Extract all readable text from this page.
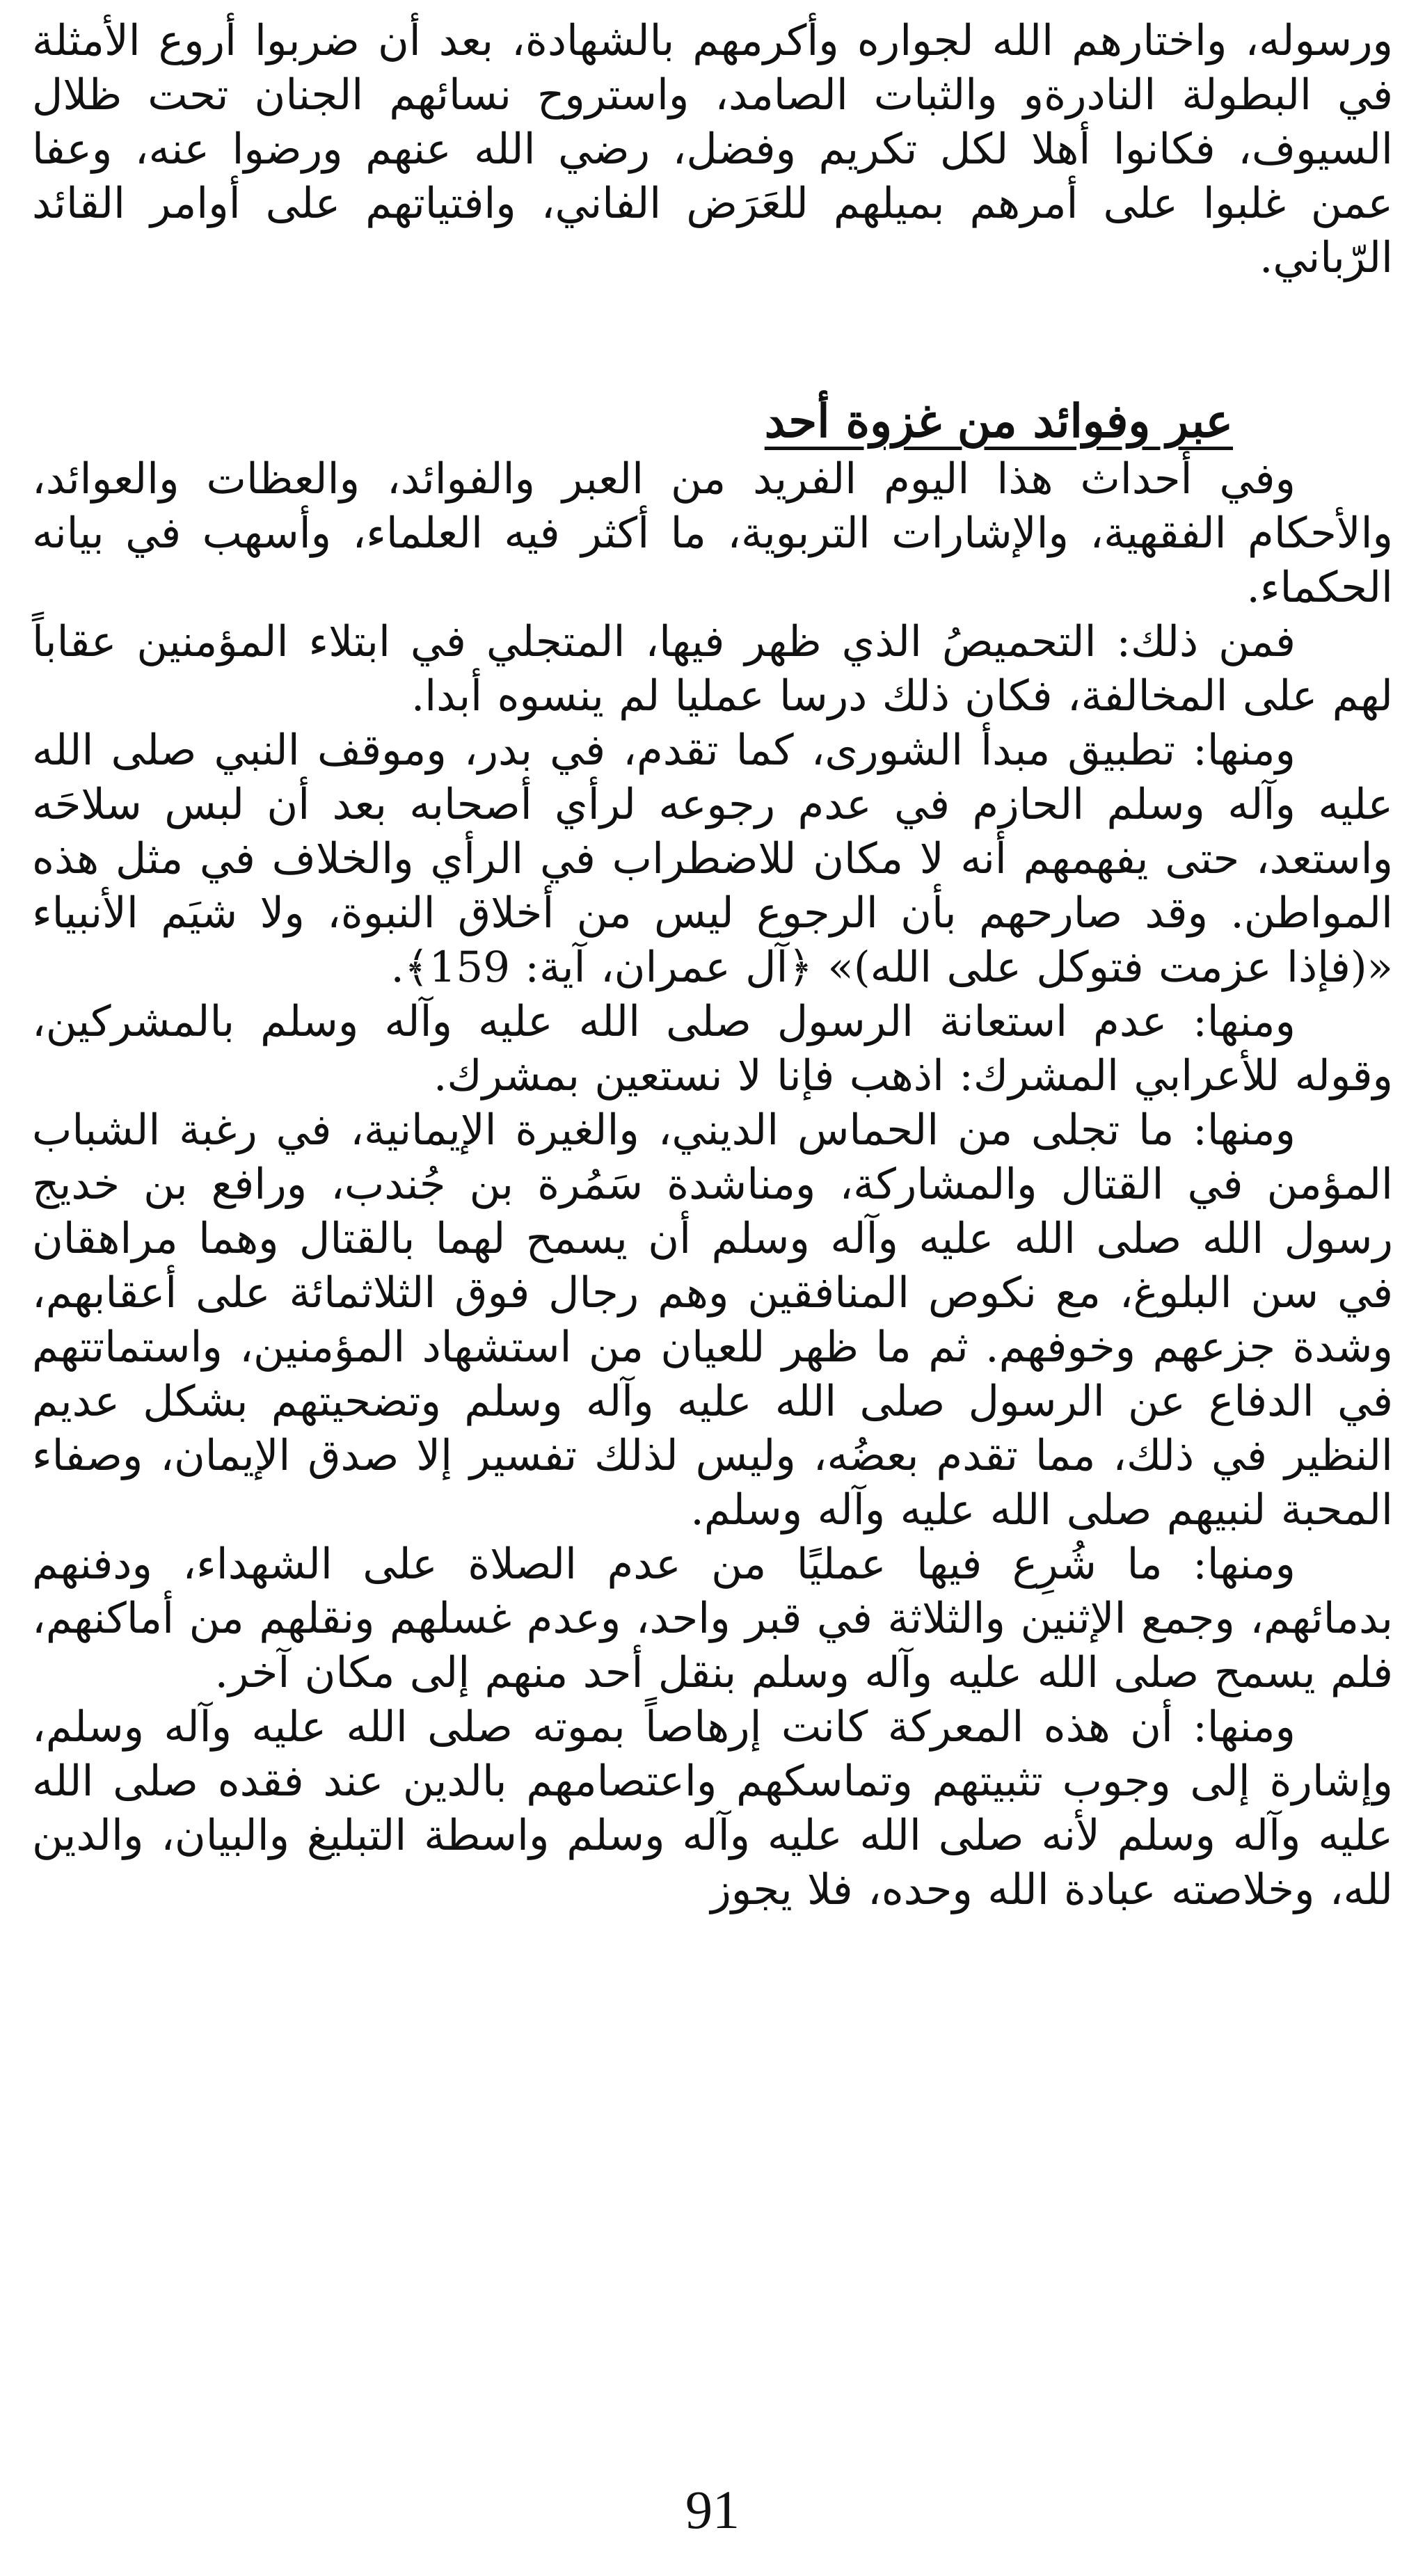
ورسوله، واختارهم الله لجواره وأكرمهم بالشهادة، بعد أن ضربوا أروع الأمثلة في البطولة النادرةو والثبات الصامد، واستروح نسائهم الجنان تحت ظلال السيوف، فكانوا أهلا لكل تكريم وفضل، رضي الله عنهم ورضوا عنه، وعفا عمن غلبوا على أمرهم بميلهم للعَرَض الفاني، وافتياتهم على أوامر القائد الرّباني.

عبر وفوائد من غزوة أحد

وفي أحداث هذا اليوم الفريد من العبر والفوائد، والعظات والعوائد، والأحكام الفقهية، والإشارات التربوية، ما أكثر فيه العلماء، وأسهب في بيانه الحكماء.

فمن ذلك: التحميصُ الذي ظهر فيها، المتجلي في ابتلاء المؤمنين عقاباً لهم على المخالفة، فكان ذلك درسا عمليا لم ينسوه أبدا.

ومنها: تطبيق مبدأ الشورى، كما تقدم، في بدر، وموقف النبي صلى الله عليه وآله وسلم الحازم في عدم رجوعه لرأي أصحابه بعد أن لبس سلاحَه واستعد، حتى يفهمهم أنه لا مكان للاضطراب في الرأي والخلاف في مثل هذه المواطن. وقد صارحهم بأن الرجوع ليس من أخلاق النبوة، ولا شيَم الأنبياء «(فإذا عزمت فتوكل على الله)» ﴿آل عمران، آية: 159﴾.

ومنها: عدم استعانة الرسول صلى الله عليه وآله وسلم بالمشركين، وقوله للأعرابي المشرك: اذهب فإنا لا نستعين بمشرك.

ومنها: ما تجلى من الحماس الديني، والغيرة الإيمانية، في رغبة الشباب المؤمن في القتال والمشاركة، ومناشدة سَمُرة بن جُندب، ورافع بن خديج رسول الله صلى الله عليه وآله وسلم أن يسمح لهما بالقتال وهما مراهقان في سن البلوغ، مع نكوص المنافقين وهم رجال فوق الثلاثمائة على أعقابهم، وشدة جزعهم وخوفهم. ثم ما ظهر للعيان من استشهاد المؤمنين، واستماتتهم في الدفاع عن الرسول صلى الله عليه وآله وسلم وتضحيتهم بشكل عديم النظير في ذلك، مما تقدم بعضُه، وليس لذلك تفسير إلا صدق الإيمان، وصفاء المحبة لنبيهم صلى الله عليه وآله وسلم.

ومنها: ما شُرِع فيها عمليًا من عدم الصلاة على الشهداء، ودفنهم بدمائهم، وجمع الإثنين والثلاثة في قبر واحد، وعدم غسلهم ونقلهم من أماكنهم، فلم يسمح صلى الله عليه وآله وسلم بنقل أحد منهم إلى مكان آخر.

ومنها: أن هذه المعركة كانت إرهاصاً بموته صلى الله عليه وآله وسلم، وإشارة إلى وجوب تثبيتهم وتماسكهم واعتصامهم بالدين عند فقده صلى الله عليه وآله وسلم لأنه صلى الله عليه وآله وسلم واسطة التبليغ والبيان، والدين لله، وخلاصته عبادة الله وحده، فلا يجوز

91
